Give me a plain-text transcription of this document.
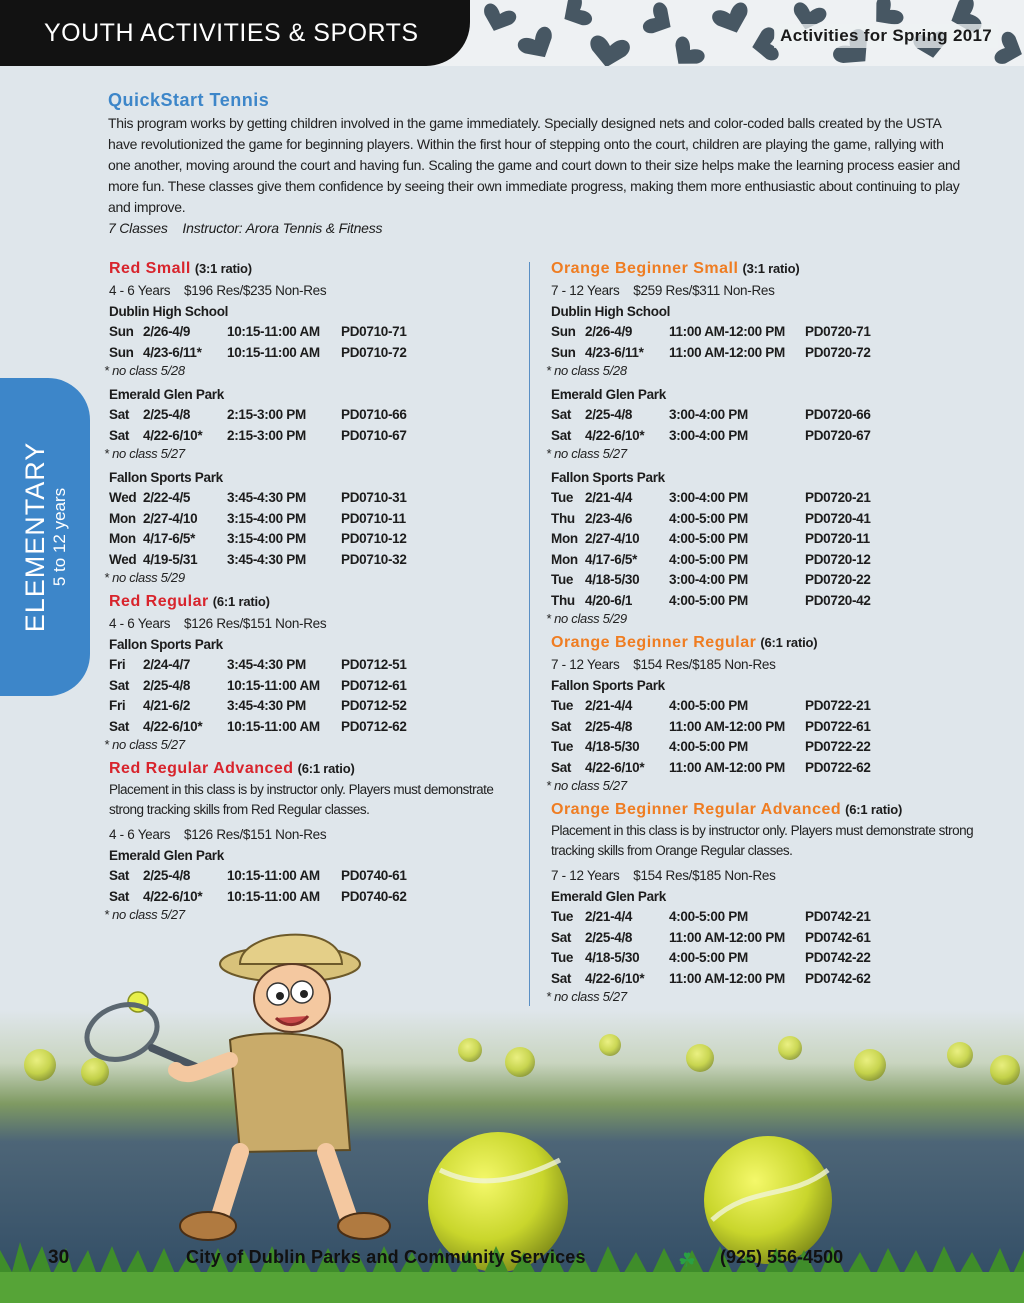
YOUTH ACTIVITIES & SPORTS	Activities for Spring 2017
ELEMENTARY 5 to 12 years
QuickStart Tennis
This program works by getting children involved in the game immediately. Specially designed nets and color-coded balls created by the USTA have revolutionized the game for beginning players. Within the first hour of stepping onto the court, children are playing the game, rallying with one another, moving around the court and having fun. Scaling the game and court down to their size helps make the learning process easier and more fun. These classes give them confidence by seeing their own immediate progress, making them more enthusiastic about continuing to play and improve.
7 Classes    Instructor: Arora Tennis & Fitness
Red Small (3:1 ratio)
4 - 6 Years    $196 Res/$235 Non-Res
Dublin High School
Sun	2/26-4/9	10:15-11:00 AM	PD0710-71
Sun	4/23-6/11*	10:15-11:00 AM	PD0710-72
* no class 5/28
Emerald Glen Park
Sat	2/25-4/8	2:15-3:00 PM	PD0710-66
Sat	4/22-6/10*	2:15-3:00 PM	PD0710-67
* no class 5/27
Fallon Sports Park
Wed	2/22-4/5	3:45-4:30 PM	PD0710-31
Mon	2/27-4/10	3:15-4:00 PM	PD0710-11
Mon	4/17-6/5*	3:15-4:00 PM	PD0710-12
Wed	4/19-5/31	3:45-4:30 PM	PD0710-32
* no class 5/29
Red Regular (6:1 ratio)
4 - 6 Years    $126 Res/$151 Non-Res
Fallon Sports Park
Fri	2/24-4/7	3:45-4:30 PM	PD0712-51
Sat	2/25-4/8	10:15-11:00 AM	PD0712-61
Fri	4/21-6/2	3:45-4:30 PM	PD0712-52
Sat	4/22-6/10*	10:15-11:00 AM	PD0712-62
* no class 5/27
Red Regular Advanced (6:1 ratio)
Placement in this class is by instructor only. Players must demonstrate strong tracking skills from Red Regular classes.
4 - 6 Years    $126 Res/$151 Non-Res
Emerald Glen Park
Sat	2/25-4/8	10:15-11:00 AM	PD0740-61
Sat	4/22-6/10*	10:15-11:00 AM	PD0740-62
* no class 5/27
Orange Beginner Small (3:1 ratio)
7 - 12 Years    $259 Res/$311 Non-Res
Dublin High School
Sun	2/26-4/9	11:00 AM-12:00 PM	PD0720-71
Sun	4/23-6/11*	11:00 AM-12:00 PM	PD0720-72
* no class 5/28
Emerald Glen Park
Sat	2/25-4/8	3:00-4:00 PM	PD0720-66
Sat	4/22-6/10*	3:00-4:00 PM	PD0720-67
* no class 5/27
Fallon Sports Park
Tue	2/21-4/4	3:00-4:00 PM	PD0720-21
Thu	2/23-4/6	4:00-5:00 PM	PD0720-41
Mon	2/27-4/10	4:00-5:00 PM	PD0720-11
Mon	4/17-6/5*	4:00-5:00 PM	PD0720-12
Tue	4/18-5/30	3:00-4:00 PM	PD0720-22
Thu	4/20-6/1	4:00-5:00 PM	PD0720-42
* no class 5/29
Orange Beginner Regular (6:1 ratio)
7 - 12 Years    $154 Res/$185 Non-Res
Fallon Sports Park
Tue	2/21-4/4	4:00-5:00 PM	PD0722-21
Sat	2/25-4/8	11:00 AM-12:00 PM	PD0722-61
Tue	4/18-5/30	4:00-5:00 PM	PD0722-22
Sat	4/22-6/10*	11:00 AM-12:00 PM	PD0722-62
* no class 5/27
Orange Beginner Regular Advanced (6:1 ratio)
Placement in this class is by instructor only. Players must demonstrate strong tracking skills from Orange Regular classes.
7 - 12 Years    $154 Res/$185 Non-Res
Emerald Glen Park
Tue	2/21-4/4	4:00-5:00 PM	PD0742-21
Sat	2/25-4/8	11:00 AM-12:00 PM	PD0742-61
Tue	4/18-5/30	4:00-5:00 PM	PD0742-22
Sat	4/22-6/10*	11:00 AM-12:00 PM	PD0742-62
* no class 5/27
30	City of Dublin Parks and Community Services	☘ (925) 556-4500
